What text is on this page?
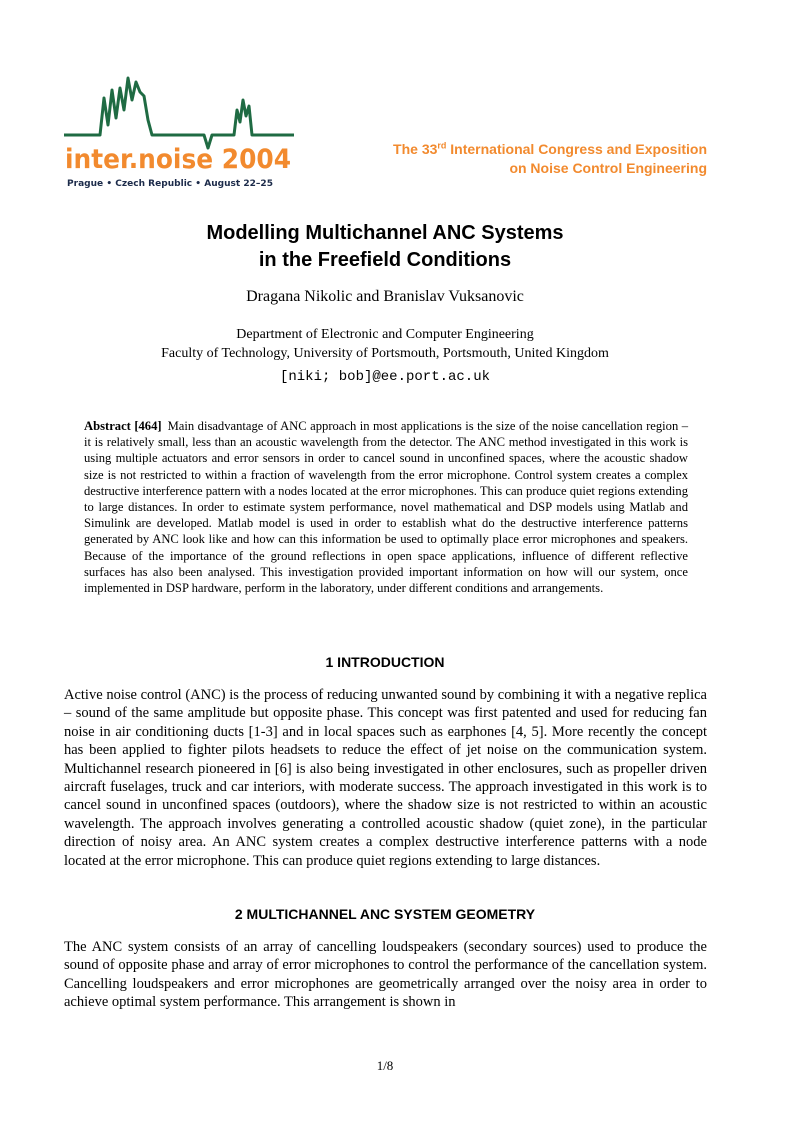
inter.noise 2004
Prague • Czech Republic • August 22–25
The 33rd International Congress and Exposition
on Noise Control Engineering
Modelling Multichannel ANC Systems
in the Freefield Conditions
Dragana Nikolic and Branislav Vuksanovic
Department of Electronic and Computer Engineering
Faculty of Technology, University of Portsmouth, Portsmouth, United Kingdom
[niki; bob]@ee.port.ac.uk
Abstract [464] Main disadvantage of ANC approach in most applications is the size of the noise cancellation region – it is relatively small, less than an acoustic wavelength from the detector. The ANC method investigated in this work is using multiple actuators and error sensors in order to cancel sound in unconfined spaces, where the acoustic shadow size is not restricted to within a fraction of wavelength from the error microphone. Control system creates a complex destructive interference pattern with a nodes located at the error microphones. This can produce quiet regions extending to large distances. In order to estimate system performance, novel mathematical and DSP models using Matlab and Simulink are developed. Matlab model is used in order to establish what do the destructive interference patterns generated by ANC look like and how can this information be used to optimally place error microphones and speakers. Because of the importance of the ground reflections in open space applications, influence of different reflective surfaces has also been analysed. This investigation provided important information on how will our system, once implemented in DSP hardware, perform in the laboratory, under different conditions and arrangements.
1 INTRODUCTION
Active noise control (ANC) is the process of reducing unwanted sound by combining it with a negative replica – sound of the same amplitude but opposite phase. This concept was first patented and used for reducing fan noise in air conditioning ducts [1-3] and in local spaces such as earphones [4, 5]. More recently the concept has been applied to fighter pilots headsets to reduce the effect of jet noise on the communication system. Multichannel research pioneered in [6] is also being investigated in other enclosures, such as propeller driven aircraft fuselages, truck and car interiors, with moderate success. The approach investigated in this work is to cancel sound in unconfined spaces (outdoors), where the shadow size is not restricted to within an acoustic wavelength. The approach involves generating a controlled acoustic shadow (quiet zone), in the particular direction of noisy area. An ANC system creates a complex destructive interference patterns with a node located at the error microphone. This can produce quiet regions extending to large distances.
2 MULTICHANNEL ANC SYSTEM GEOMETRY
The ANC system consists of an array of cancelling loudspeakers (secondary sources) used to produce the sound of opposite phase and array of error microphones to control the performance of the cancellation system. Cancelling loudspeakers and error microphones are geometrically arranged over the noisy area in order to achieve optimal system performance. This arrangement is shown in
1/8
